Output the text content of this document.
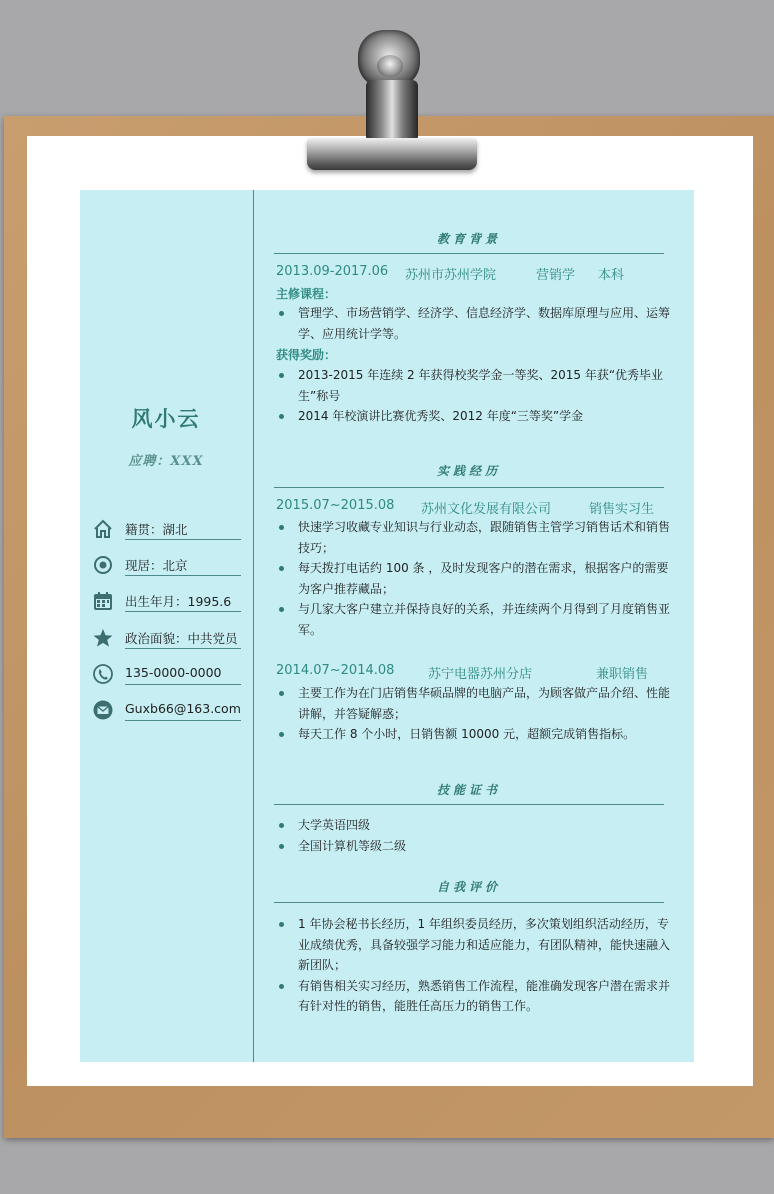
风小云
应聘：XXX
籍贯：湖北
现居：北京
出生年月：1995.6
政治面貌：中共党员
135-0000-0000
Guxb66@163.com
教育背景
2013.09-2017.06 苏州市苏州学院	营销学 本科
主修课程：
管理学、市场营销学、经济学、信息经济学、数据库原理与应用、运筹学、应用统计学等。
获得奖励：
2013-2015 年连续 2 年获得校奖学金一等奖、2015 年获“优秀毕业生”称号
2014 年校演讲比赛优秀奖、2012 年度“三等奖”学金
实践经历
2015.07~2015.08 苏州文化发展有限公司	销售实习生
快速学习收藏专业知识与行业动态，跟随销售主管学习销售话术和销售技巧；
每天拨打电话约 100 条 ，及时发现客户的潜在需求，根据客户的需要为客户推荐藏品；
与几家大客户建立并保持良好的关系，并连续两个月得到了月度销售亚军。
2014.07~2014.08	苏宁电器苏州分店	兼职销售
主要工作为在门店销售华硕品牌的电脑产品，为顾客做产品介绍、性能讲解，并答疑解惑；
每天工作 8 个小时，日销售额 10000 元，超额完成销售指标。
技能证书
大学英语四级
全国计算机等级二级
自我评价
1 年协会秘书长经历，1 年组织委员经历，多次策划组织活动经历，专业成绩优秀，具备较强学习能力和适应能力，有团队精神，能快速融入新团队；
有销售相关实习经历，熟悉销售工作流程，能准确发现客户潜在需求并有针对性的销售，能胜任高压力的销售工作。
